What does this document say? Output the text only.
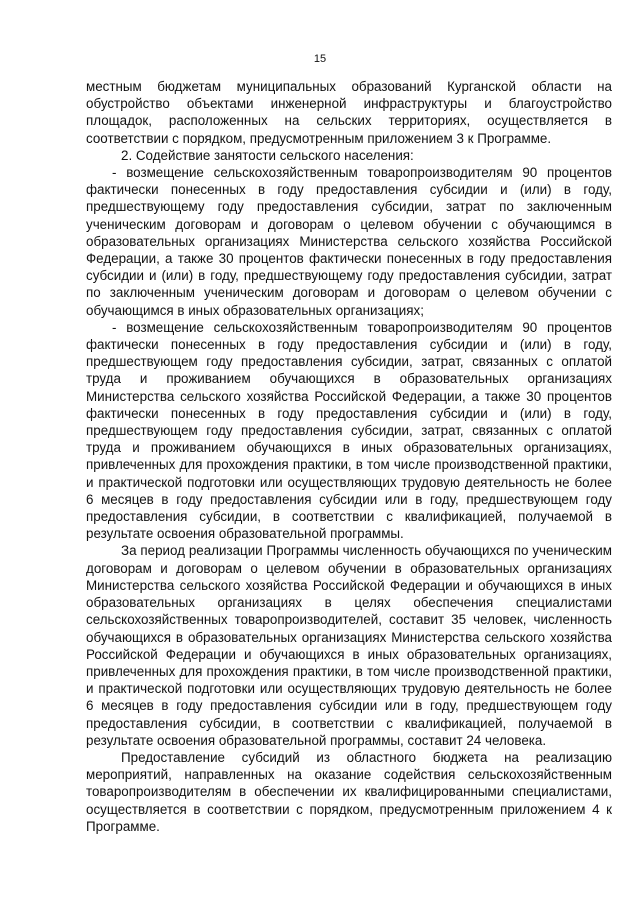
15

местным бюджетам муниципальных образований Курганской области на обустройство объектами инженерной инфраструктуры и благоустройство площадок, расположенных на сельских территориях, осуществляется в соответствии с порядком, предусмотренным приложением 3 к Программе.

2. Содействие занятости сельского населения:

- возмещение сельскохозяйственным товаропроизводителям 90 процентов фактически понесенных в году предоставления субсидии и (или) в году, предшествующему году предоставления субсидии, затрат по заключенным ученическим договорам и договорам о целевом обучении с обучающимся в образовательных организациях Министерства сельского хозяйства Российской Федерации, а также 30 процентов фактически понесенных в году предоставления субсидии и (или) в году, предшествующему году предоставления субсидии, затрат по заключенным ученическим договорам и договорам о целевом обучении с обучающимся в иных образовательных организациях;

- возмещение сельскохозяйственным товаропроизводителям 90 процентов фактически понесенных в году предоставления субсидии и (или) в году, предшествующем году предоставления субсидии, затрат, связанных с оплатой труда и проживанием обучающихся в образовательных организациях Министерства сельского хозяйства Российской Федерации, а также 30 процентов фактически понесенных в году предоставления субсидии и (или) в году, предшествующем году предоставления субсидии, затрат, связанных с оплатой труда и проживанием обучающихся в иных образовательных организациях, привлеченных для прохождения практики, в том числе производственной практики, и практической подготовки или осуществляющих трудовую деятельность не более 6 месяцев в году предоставления субсидии или в году, предшествующем году предоставления субсидии, в соответствии с квалификацией, получаемой в результате освоения образовательной программы.

За период реализации Программы численность обучающихся по ученическим договорам и договорам о целевом обучении в образовательных организациях Министерства сельского хозяйства Российской Федерации и обучающихся в иных образовательных организациях в целях обеспечения специалистами сельскохозяйственных товаропроизводителей, составит 35 человек, численность обучающихся в образовательных организациях Министерства сельского хозяйства Российской Федерации и обучающихся в иных образовательных организациях, привлеченных для прохождения практики, в том числе производственной практики, и практической подготовки или осуществляющих трудовую деятельность не более 6 месяцев в году предоставления субсидии или в году, предшествующем году предоставления субсидии, в соответствии с квалификацией, получаемой в результате освоения образовательной программы, составит 24 человека.

Предоставление субсидий из областного бюджета на реализацию мероприятий, направленных на оказание содействия сельскохозяйственным товаропроизводителям в обеспечении их квалифицированными специалистами, осуществляется в соответствии с порядком, предусмотренным приложением 4 к Программе.
